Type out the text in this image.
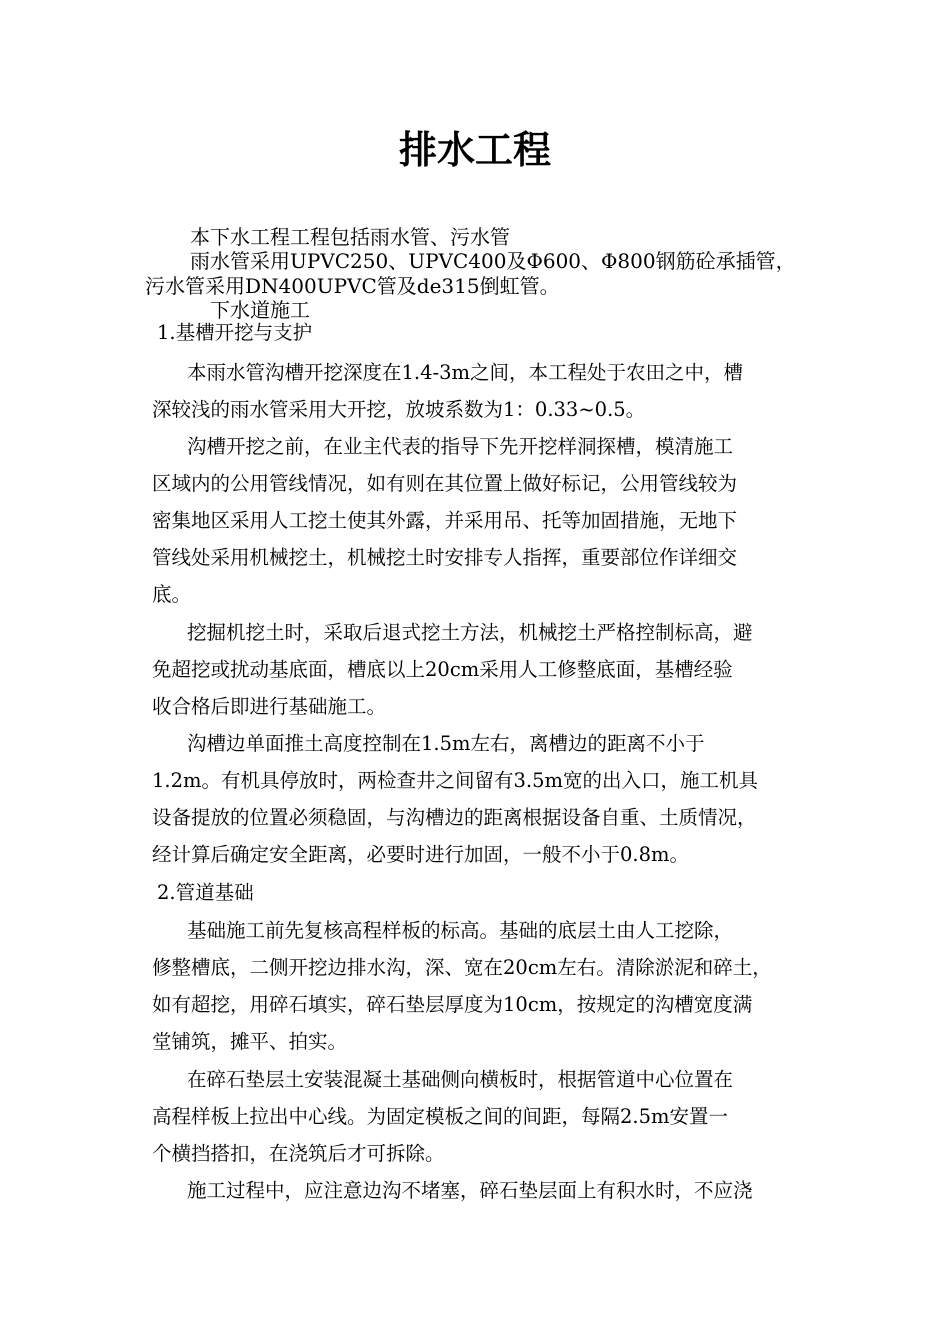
排水工程

本下水工程工程包括雨水管、污水管

雨水管采用UPVC250、UPVC400及Φ600、Φ800钢筋砼承插管，

污水管采用DN400UPVC管及de315倒虹管。

下水道施工

1.基槽开挖与支护

本雨水管沟槽开挖深度在1.4-3m之间，本工程处于农田之中，槽

深较浅的雨水管采用大开挖，放坡系数为1：0.33~0.5。

沟槽开挖之前，在业主代表的指导下先开挖样洞探槽，模清施工

区域内的公用管线情况，如有则在其位置上做好标记，公用管线较为

密集地区采用人工挖土使其外露，并采用吊、托等加固措施，无地下

管线处采用机械挖土，机械挖土时安排专人指挥，重要部位作详细交

底。

挖掘机挖土时，采取后退式挖土方法，机械挖土严格控制标高，避

免超挖或扰动基底面，槽底以上20cm采用人工修整底面，基槽经验

收合格后即进行基础施工。

沟槽边单面推土高度控制在1.5m左右，离槽边的距离不小于

1.2m。有机具停放时，两检查井之间留有3.5m宽的出入口，施工机具

设备提放的位置必须稳固，与沟槽边的距离根据设备自重、土质情况，

经计算后确定安全距离，必要时进行加固，一般不小于0.8m。

2.管道基础

基础施工前先复核高程样板的标高。基础的底层土由人工挖除，

修整槽底，二侧开挖边排水沟，深、宽在20cm左右。清除淤泥和碎土，

如有超挖，用碎石填实，碎石垫层厚度为10cm，按规定的沟槽宽度满

堂铺筑，摊平、拍实。

在碎石垫层土安装混凝土基础侧向横板时，根据管道中心位置在

高程样板上拉出中心线。为固定模板之间的间距，每隔2.5m安置一

个横挡搭扣，在浇筑后才可拆除。

施工过程中，应注意边沟不堵塞，碎石垫层面上有积水时，不应浇
